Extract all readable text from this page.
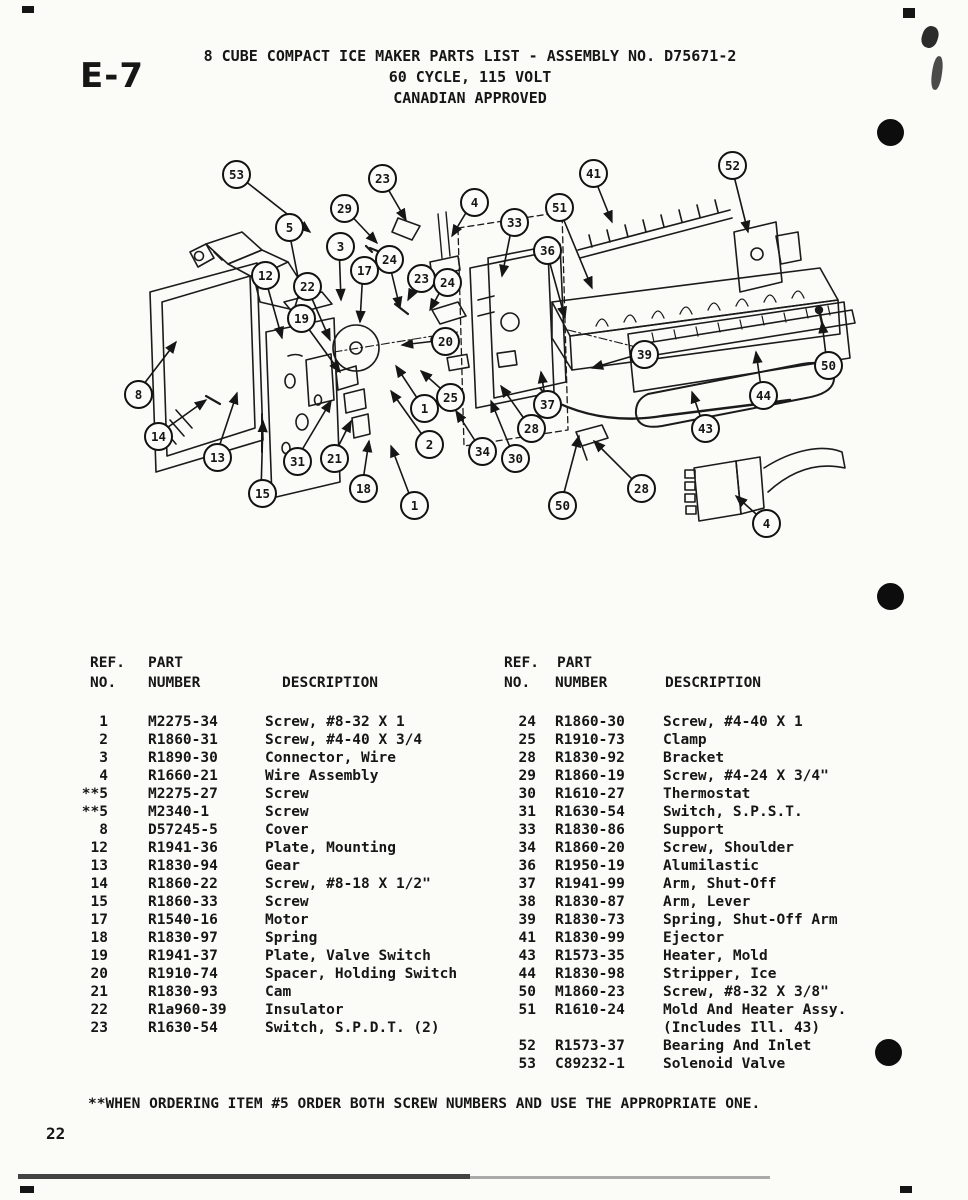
E-7	8 CUBE COMPACT ICE MAKER PARTS LIST - ASSEMBLY NO. D75671-2
60 CYCLE, 115 VOLT
CANADIAN APPROVED
53	23
29	4
41
52
51
33
5
3	36
24
17
12	23 24
22
19
20
39
50
8	44
25	37
1
43
28
14
2	34
13	21	30
31
18	28
15
1	50
4
REF. PART
NO. NUMBER	DESCRIPTION
1	M2275-34	Screw, #8-32 X 1
2	R1860-31	Screw, #4-40 X 3/4
3	R1890-30	Connector, Wire
4	R1660-21	Wire Assembly
**5	M2275-27	Screw
**5	M2340-1	Screw
8	D57245-5	Cover
12	R1941-36	Plate, Mounting
13	R1830-94	Gear
14	R1860-22	Screw, #8-18 X 1/2"
15	R1860-33	Screw
17	R1540-16	Motor
18	R1830-97	Spring
19	R1941-37	Plate, Valve Switch
20	R1910-74	Spacer, Holding Switch
21	R1830-93	Cam
22	R1a960-39	Insulator
23	R1630-54	Switch, S.P.D.T. (2)
REF. PART
NO. NUMBER	DESCRIPTION
24 R1860-30	Screw, #4-40 X 1
25 R1910-73	Clamp
28 R1830-92	Bracket
29 R1860-19	Screw, #4-24 X 3/4"
30 R1610-27	Thermostat
31 R1630-54	Switch, S.P.S.T.
33 R1830-86	Support
34 R1860-20	Screw, Shoulder
36 R1950-19	Alumilastic
37 R1941-99	Arm, Shut-Off
38 R1830-87	Arm, Lever
39 R1830-73	Spring, Shut-Off Arm
41 R1830-99	Ejector
43 R1573-35	Heater, Mold
44 R1830-98	Stripper, Ice
50 M1860-23	Screw, #8-32 X 3/8"
51 R1610-24	Mold And Heater Assy.
(Includes Ill. 43)
52 R1573-37	Bearing And Inlet
53 C89232-1	Solenoid Valve
**WHEN ORDERING ITEM #5 ORDER BOTH SCREW NUMBERS AND USE THE APPROPRIATE ONE.
22
